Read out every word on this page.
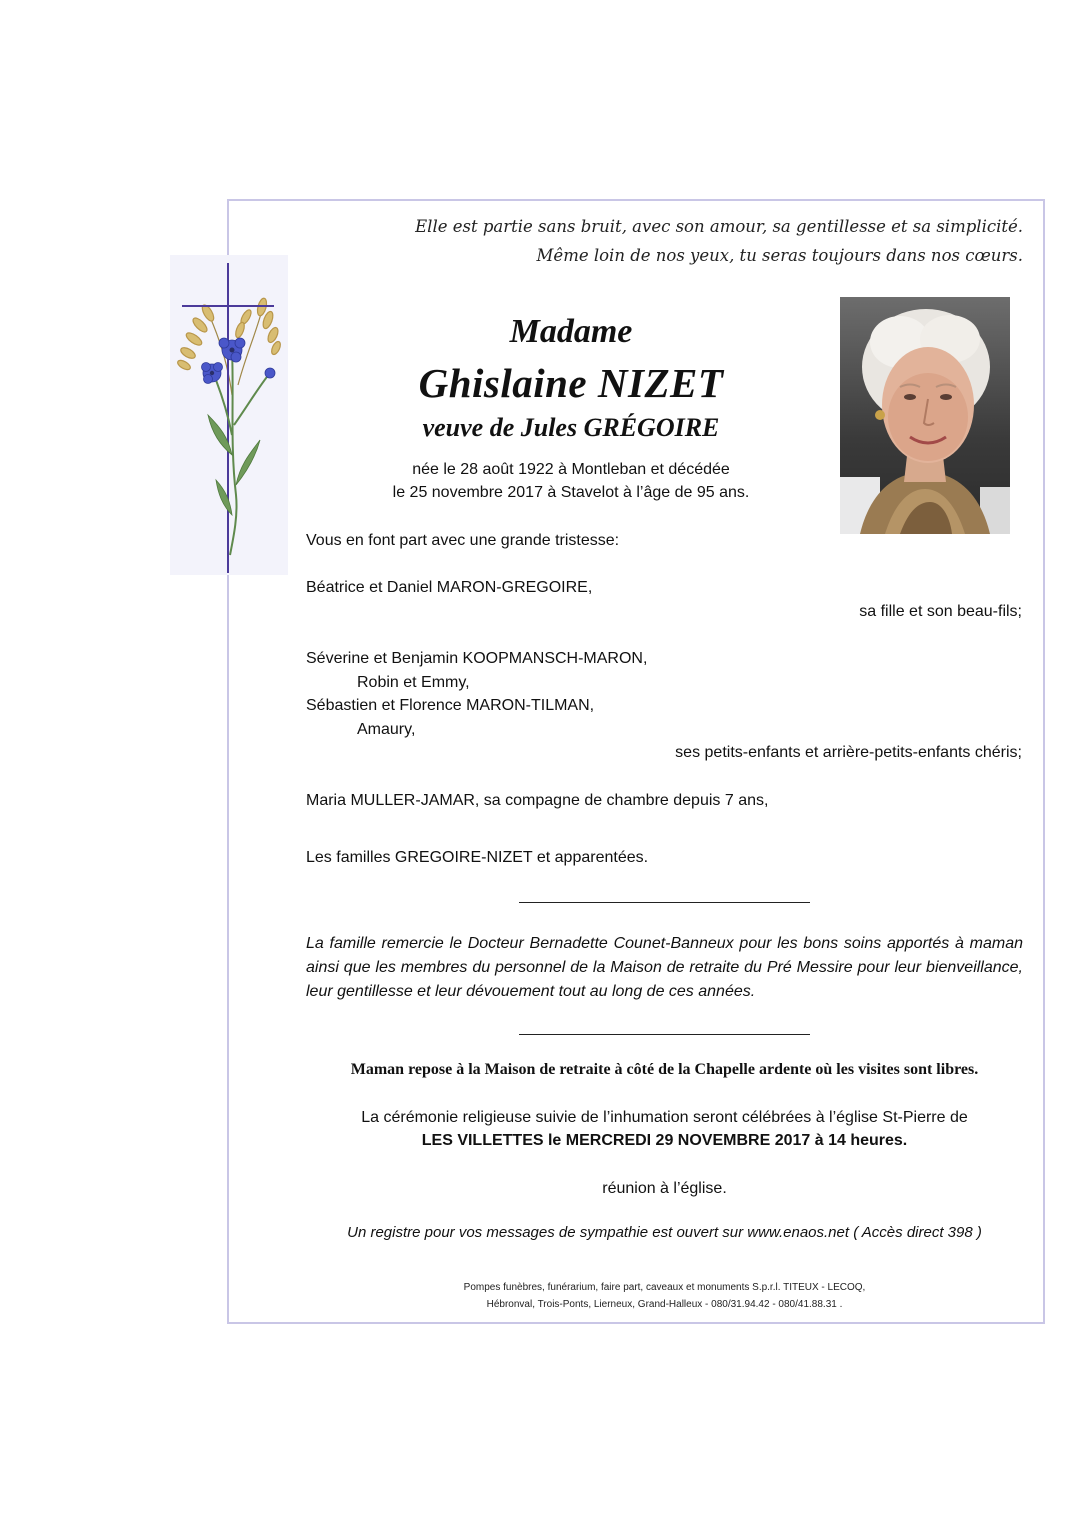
Elle est partie sans bruit, avec son amour, sa gentillesse et sa simplicité.
Même loin de nos yeux, tu seras toujours dans nos cœurs.
Madame
Ghislaine NIZET
veuve de Jules GRÉGOIRE
née le 28 août 1922 à Montleban et décédée
le 25 novembre 2017 à Stavelot à l’âge de 95 ans.
Vous en font part avec une grande tristesse:
Béatrice et Daniel MARON-GREGOIRE,
sa fille et son beau-fils;
Séverine et Benjamin KOOPMANSCH-MARON,
Robin et Emmy,
Sébastien et Florence MARON-TILMAN,
Amaury,
ses petits-enfants et arrière-petits-enfants chéris;
Maria MULLER-JAMAR, sa compagne de chambre depuis 7 ans,
Les familles GREGOIRE-NIZET et apparentées.
La famille remercie le Docteur Bernadette Counet-Banneux pour les bons soins apportés à maman ainsi que les membres du personnel de la Maison de retraite du Pré Messire pour leur bienveillance, leur gentillesse et leur dévouement tout au long de ces années.
Maman repose à la Maison de retraite à côté de la Chapelle ardente où les visites sont libres.
La cérémonie religieuse suivie de l’inhumation seront célébrées à l’église St-Pierre de
LES VILLETTES le MERCREDI 29 NOVEMBRE 2017 à 14 heures.
réunion à l’église.
Un registre pour vos messages de sympathie est ouvert sur www.enaos.net ( Accès direct 398 )
Pompes funèbres, funérarium, faire part, caveaux et monuments S.p.r.l. TITEUX - LECOQ,
Hébronval, Trois-Ponts, Lierneux, Grand-Halleux - 080/31.94.42 - 080/41.88.31 .
